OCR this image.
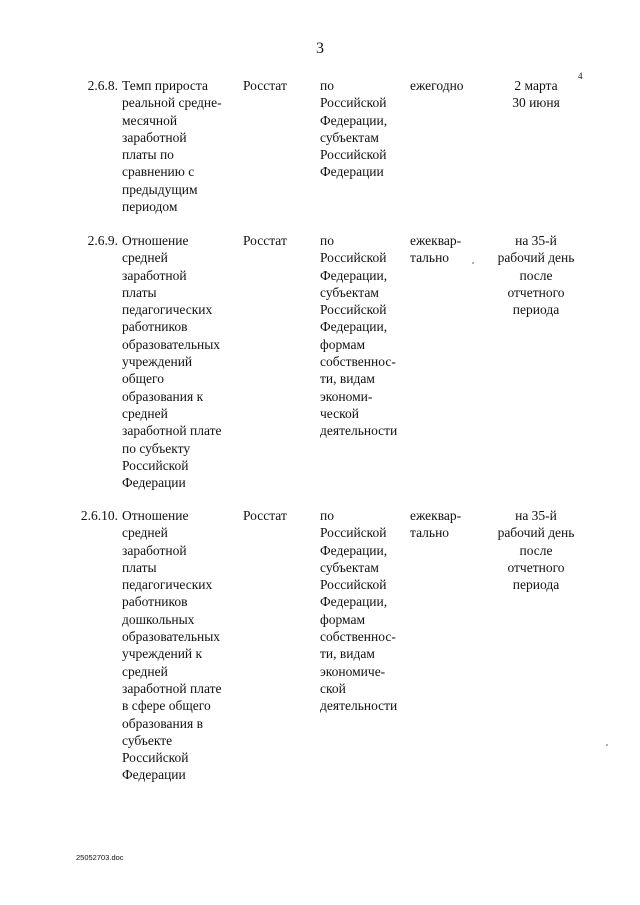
3
2.6.8. Темп прироста
реальной средне-
месячной
заработной
платы по
сравнению с
предыдущим
периодом
Росстат по
Российской
Федерации,
субъектам
Российской
Федерации
ежегодно	2 марта
30 июня
4
2.6.9. Отношение
средней
заработной
платы
педагогических
работников
образовательных
учреждений
общего
образования к
средней
заработной плате
по субъекту
Российской
Федерации
Росстат по
Российской
Федерации,
субъектам
Российской
Федерации,
формам
собственнос-
ти, видам
экономи-
ческой
деятельности
ежеквар-
тально
на 35-й
рабочий день
после
отчетного
периода
2.6.10. Отношение
средней
заработной
платы
педагогических
работников
дошкольных
образовательных
учреждений к
средней
заработной плате
в сфере общего
образования в
субъекте
Российской
Федерации
Росстат по
Российской
Федерации,
субъектам
Российской
Федерации,
формам
собственнос-
ти, видам
экономиче-
ской
деятельности
ежеквар-
тально
на 35-й
рабочий день
после
отчетного
периода
25052703.doc
